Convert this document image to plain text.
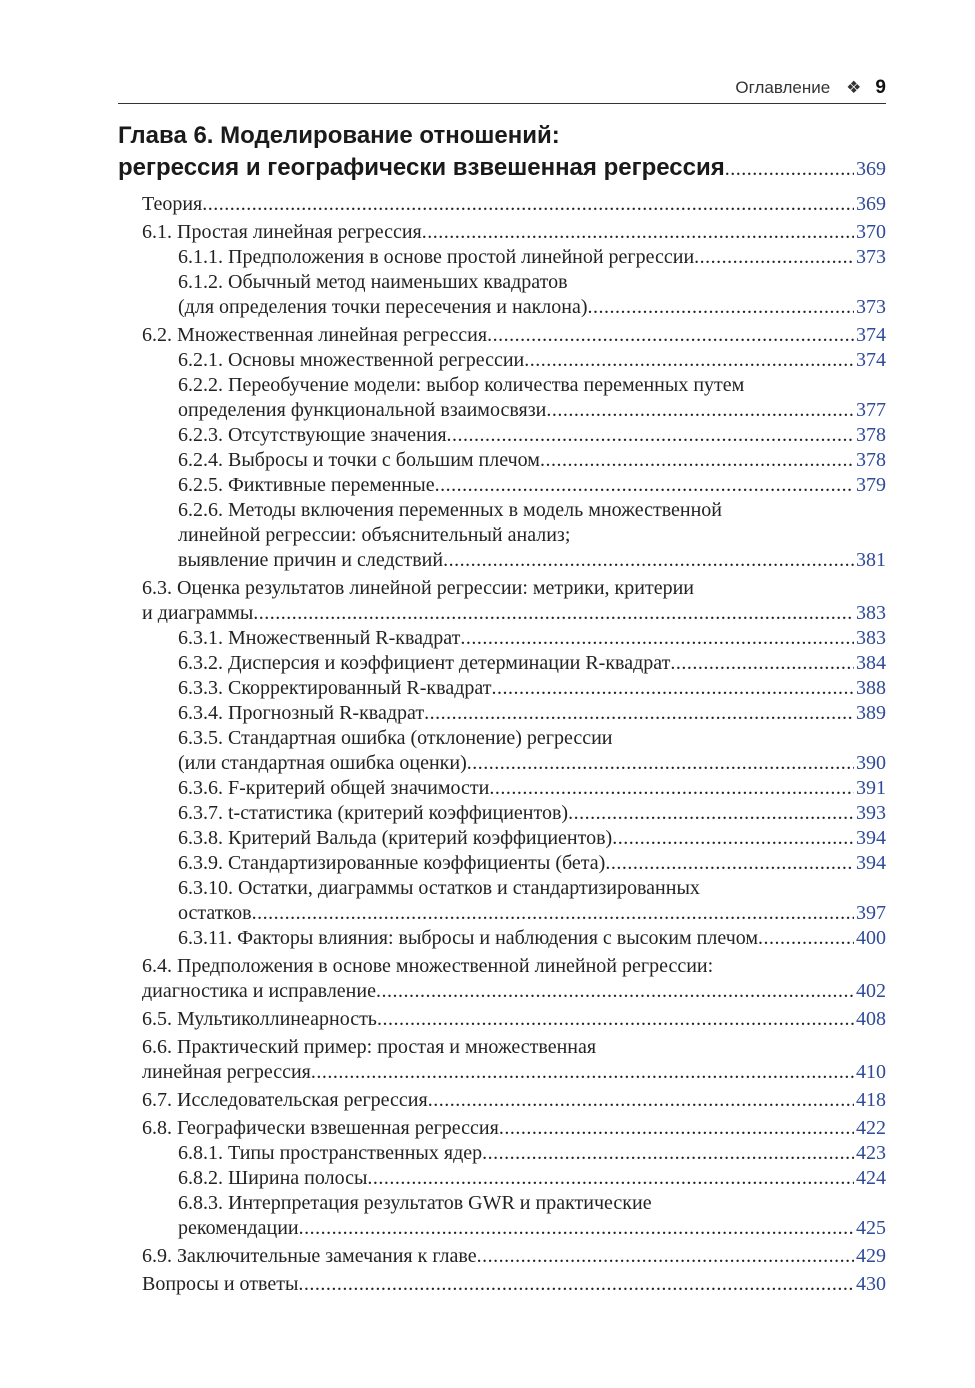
Оглавление ❖ 9
Глава 6. Моделирование отношений:
регрессия и географически взвешенная регрессия .....	369
Теория .....	369
6.1. Простая линейная регрессия .....	370
6.1.1. Предположения в основе простой линейной регрессии .....	373
6.1.2. Обычный метод наименьших квадратов
(для определения точки пересечения и наклона) .....	373
6.2. Множественная линейная регрессия .....	374
6.2.1. Основы множественной регрессии .....	374
6.2.2. Переобучение модели: выбор количества переменных путем
определения функциональной взаимосвязи .....	377
6.2.3. Отсутствующие значения .....	378
6.2.4. Выбросы и точки с большим плечом .....	378
6.2.5. Фиктивные переменные .....	379
6.2.6. Методы включения переменных в модель множественной
линейной регрессии: объяснительный анализ;
выявление причин и следствий .....	381
6.3. Оценка результатов линейной регрессии: метрики, критерии
и диаграммы .....	383
6.3.1. Множественный R-квадрат .....	383
6.3.2. Дисперсия и коэффициент детерминации R-квадрат .....	384
6.3.3. Скорректированный R-квадрат .....	388
6.3.4. Прогнозный R-квадрат .....	389
6.3.5. Стандартная ошибка (отклонение) регрессии
(или стандартная ошибка оценки) .....	390
6.3.6. F-критерий общей значимости .....	391
6.3.7. t-статистика (критерий коэффициентов) .....	393
6.3.8. Критерий Вальда (критерий коэффициентов) .....	394
6.3.9. Стандартизированные коэффициенты (бета) .....	394
6.3.10. Остатки, диаграммы остатков и стандартизированных
остатков .....	397
6.3.11. Факторы влияния: выбросы и наблюдения с высоким плечом .....	400
6.4. Предположения в основе множественной линейной регрессии:
диагностика и исправление .....	402
6.5. Мультиколлинеарность .....	408
6.6. Практический пример: простая и множественная
линейная регрессия .....	410
6.7. Исследовательская регрессия .....	418
6.8. Географически взвешенная регрессия .....	422
6.8.1. Типы пространственных ядер .....	423
6.8.2. Ширина полосы .....	424
6.8.3. Интерпретация результатов GWR и практические
рекомендации .....	425
6.9. Заключительные замечания к главе .....	429
Вопросы и ответы .....	430
